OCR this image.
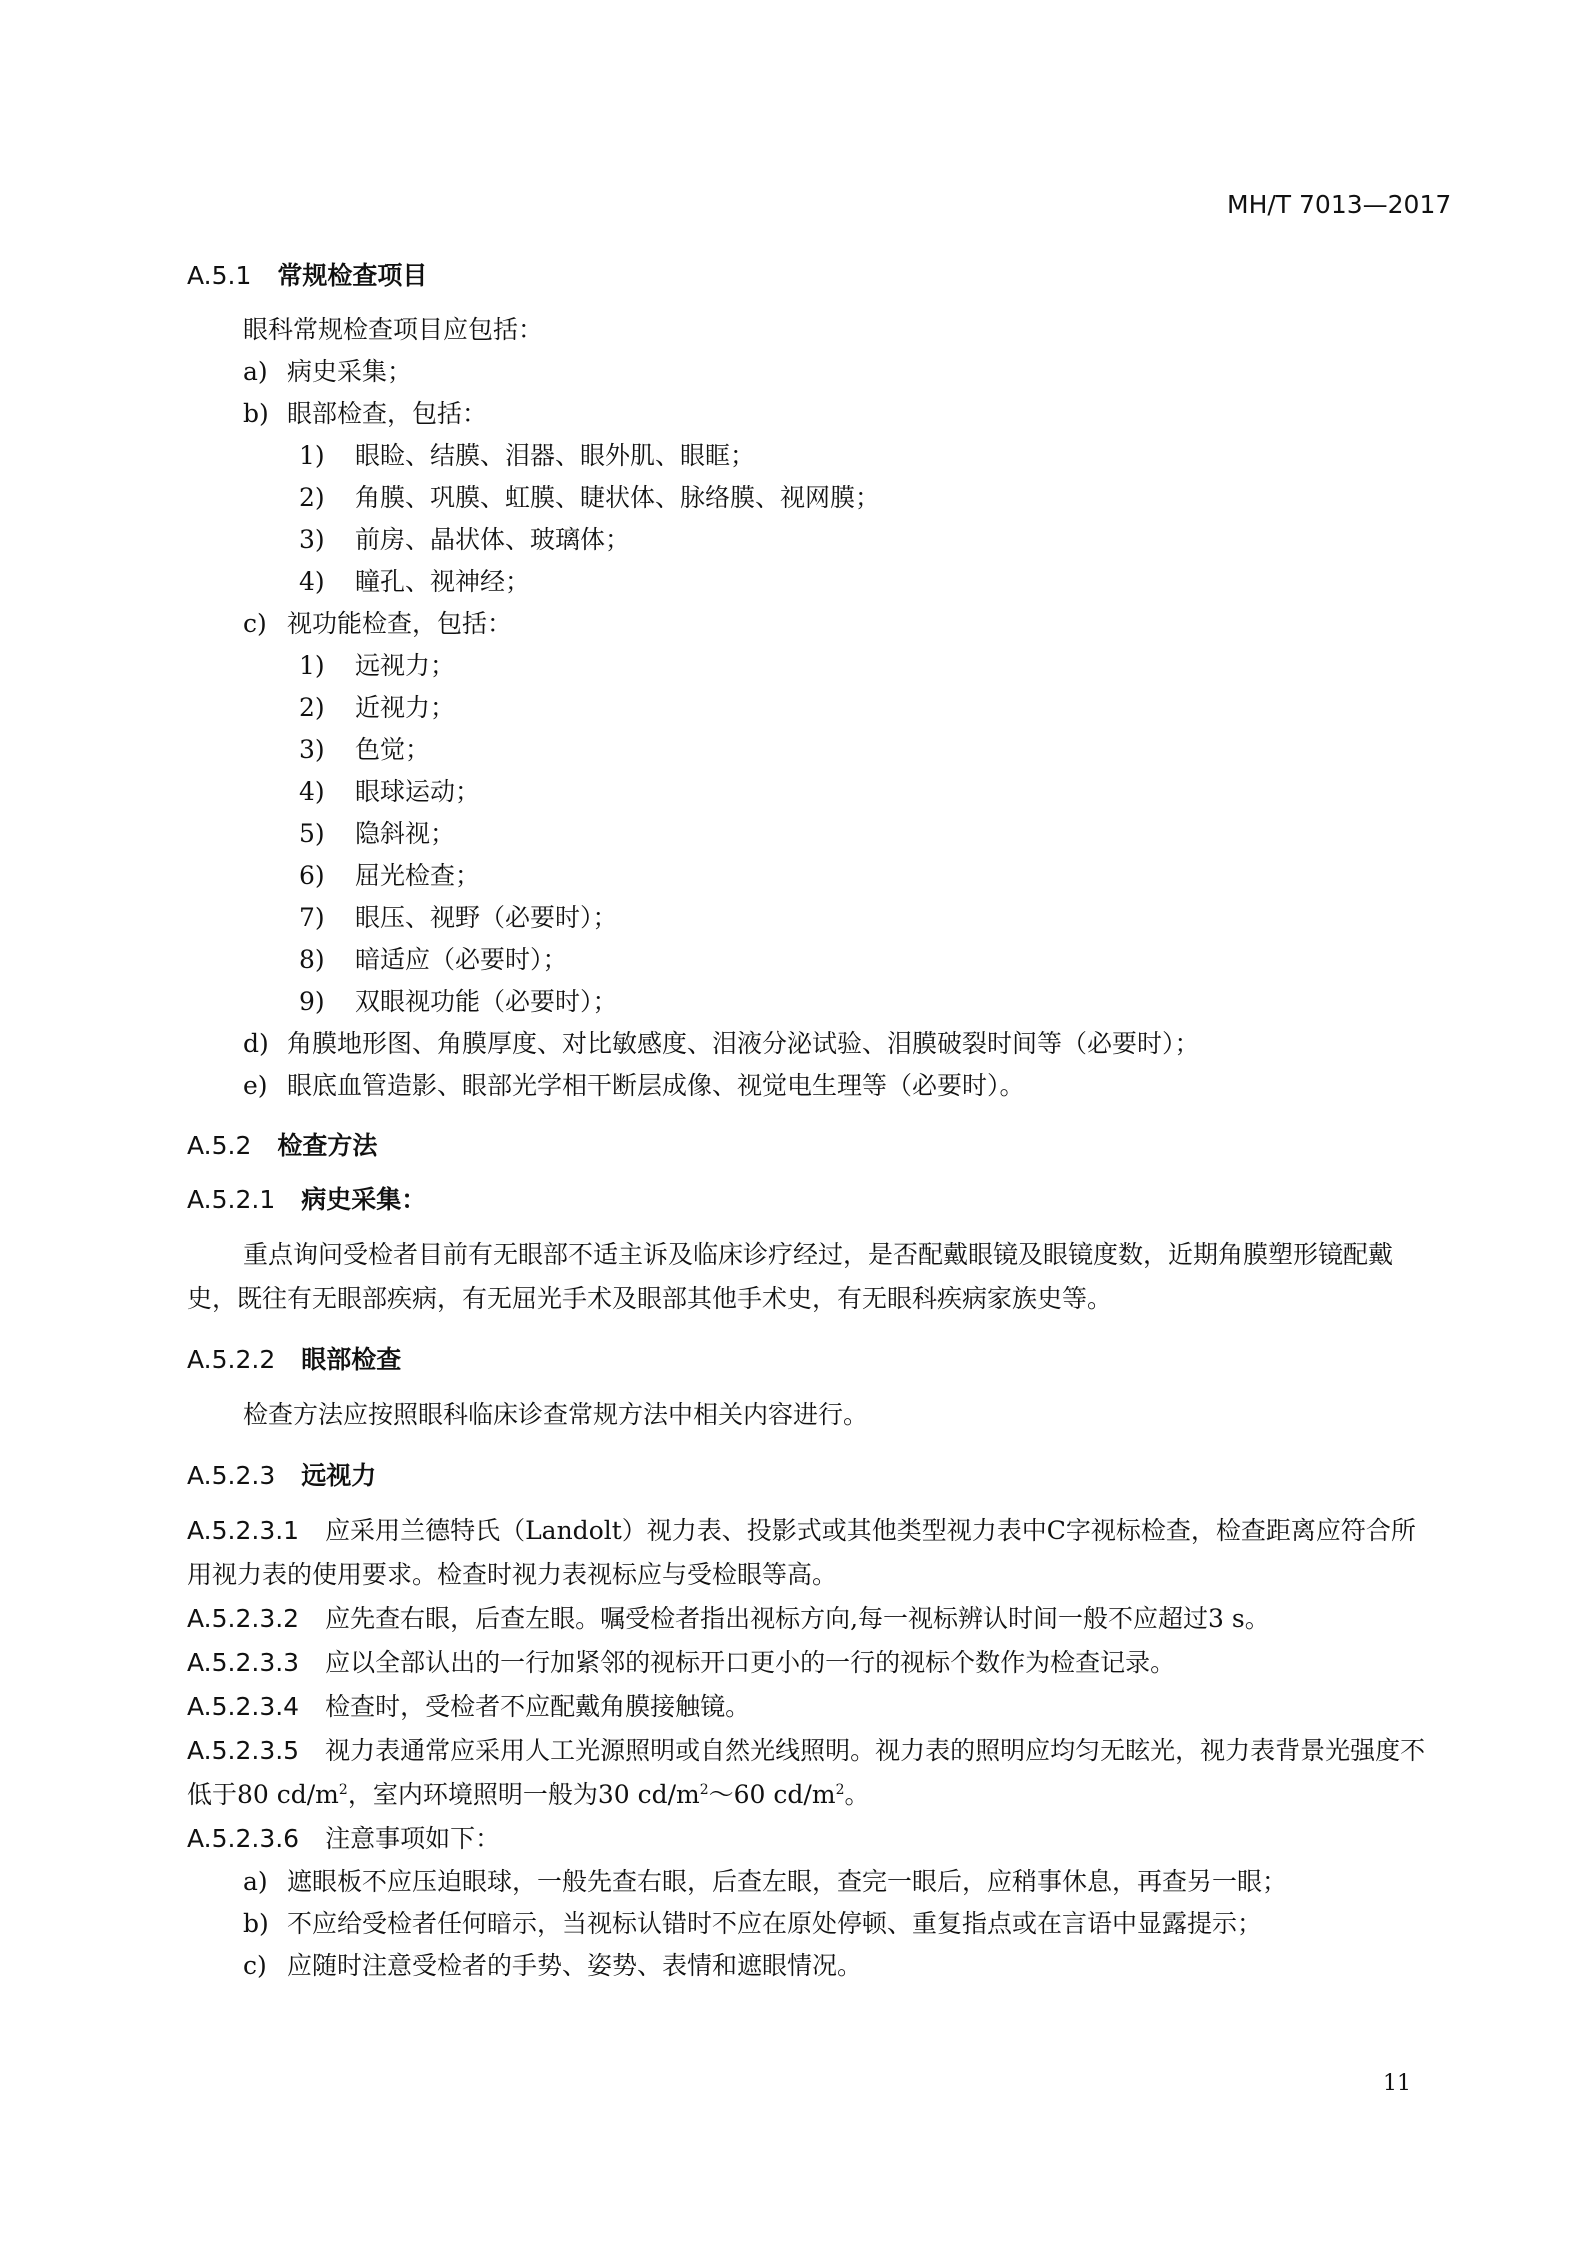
MH/T 7013—2017
A.5.1 常规检查项目
眼科常规检查项目应包括：
a) 病史采集；
b) 眼部检查，包括：
1) 眼睑、结膜、泪器、眼外肌、眼眶；
2) 角膜、巩膜、虹膜、睫状体、脉络膜、视网膜；
3) 前房、晶状体、玻璃体；
4) 瞳孔、视神经；
c) 视功能检查，包括：
1) 远视力；
2) 近视力；
3) 色觉；
4) 眼球运动；
5) 隐斜视；
6) 屈光检查；
7) 眼压、视野（必要时）；
8) 暗适应（必要时）；
9) 双眼视功能（必要时）；
d) 角膜地形图、角膜厚度、对比敏感度、泪液分泌试验、泪膜破裂时间等（必要时）；
e) 眼底血管造影、眼部光学相干断层成像、视觉电生理等（必要时）。
A.5.2 检查方法
A.5.2.1 病史采集：
重点询问受检者目前有无眼部不适主诉及临床诊疗经过，是否配戴眼镜及眼镜度数，近期角膜塑形镜配戴史，既往有无眼部疾病，有无屈光手术及眼部其他手术史，有无眼科疾病家族史等。
A.5.2.2 眼部检查
检查方法应按照眼科临床诊查常规方法中相关内容进行。
A.5.2.3 远视力
A.5.2.3.1 应采用兰德特氏（Landolt）视力表、投影式或其他类型视力表中C字视标检查，检查距离应符合所用视力表的使用要求。检查时视力表视标应与受检眼等高。
A.5.2.3.2 应先查右眼，后查左眼。嘱受检者指出视标方向,每一视标辨认时间一般不应超过3 s。
A.5.2.3.3 应以全部认出的一行加紧邻的视标开口更小的一行的视标个数作为检查记录。
A.5.2.3.4 检查时，受检者不应配戴角膜接触镜。
A.5.2.3.5 视力表通常应采用人工光源照明或自然光线照明。视力表的照明应均匀无眩光，视力表背景光强度不低于80 $cd/m^2$，室内环境照明一般为30 $cd/m^2\sim 60$ $cd/m^2$。
A.5.2.3.6 注意事项如下：
a) 遮眼板不应压迫眼球，一般先查右眼，后查左眼，查完一眼后，应稍事休息，再查另一眼；
b) 不应给受检者任何暗示，当视标认错时不应在原处停顿、重复指点或在言语中显露提示；
c) 应随时注意受检者的手势、姿势、表情和遮眼情况。
11
